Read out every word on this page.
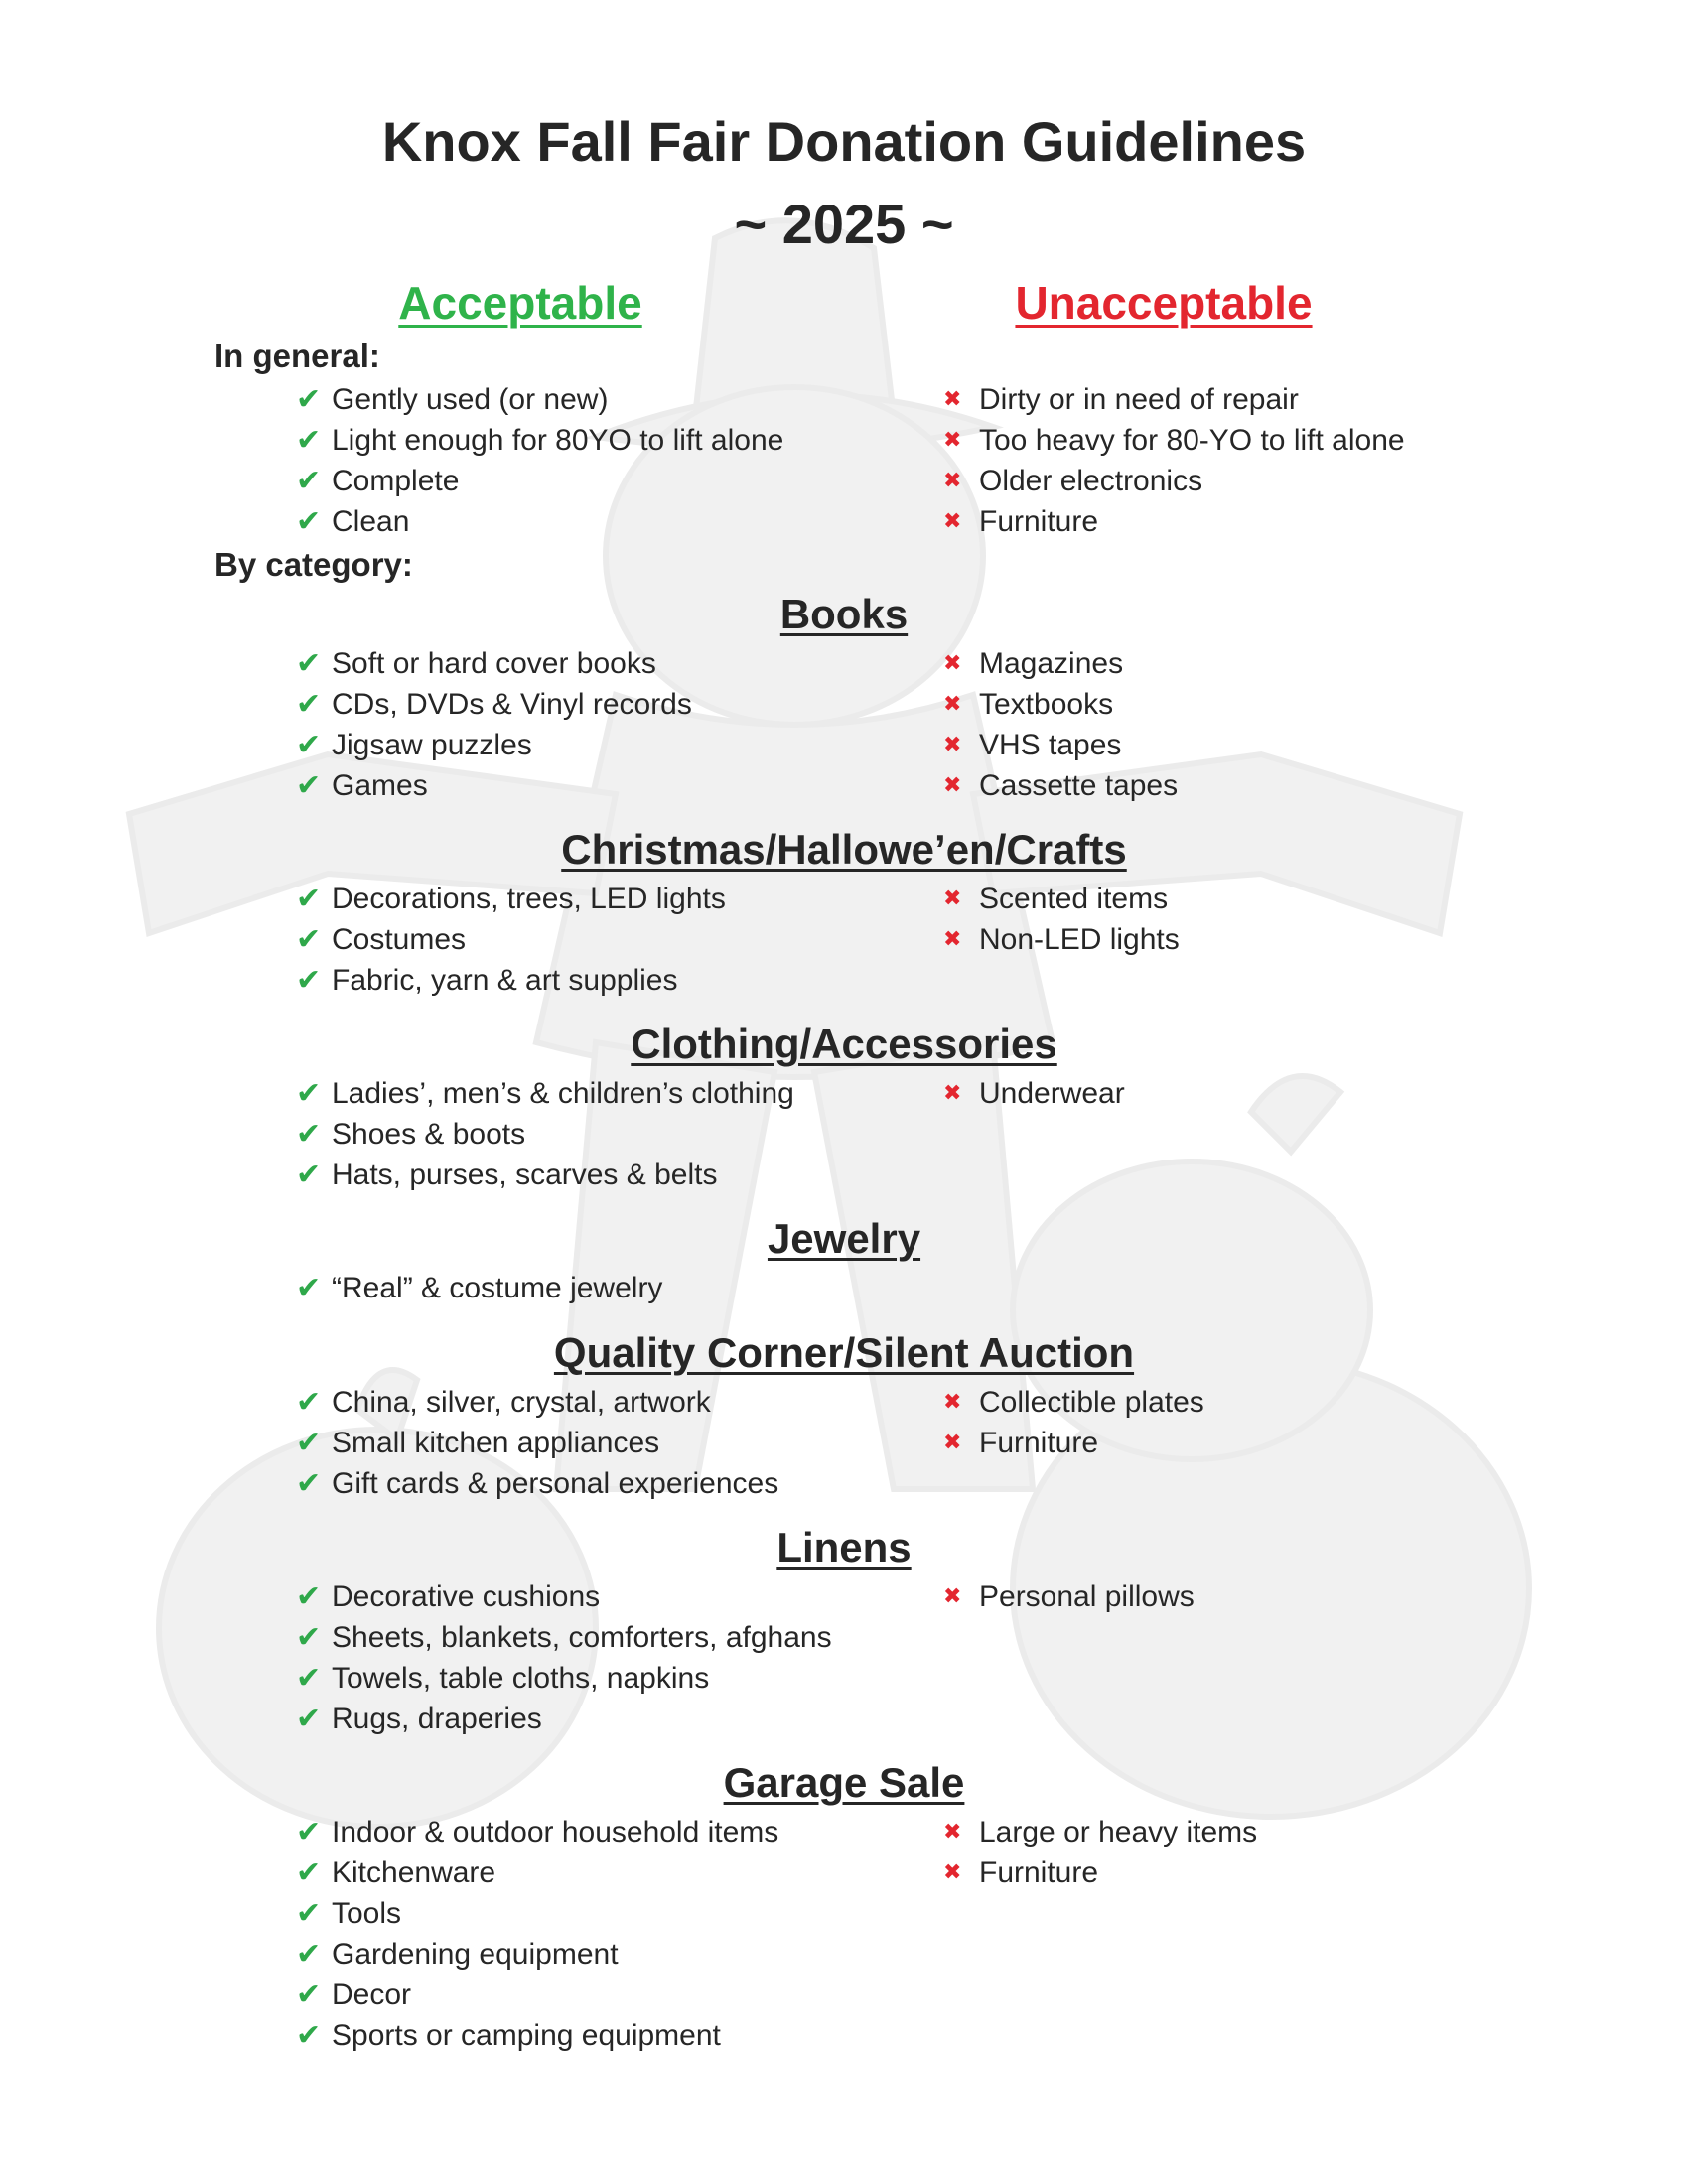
Knox Fall Fair Donation Guidelines
~ 2025 ~
Acceptable	Unacceptable
In general:
✔ Gently used (or new)
✔ Light enough for 80YO to lift alone
✔ Complete
✔ Clean
✖ Dirty or in need of repair
✖ Too heavy for 80-YO to lift alone
✖ Older electronics
✖ Furniture
By category:
Books
✔ Soft or hard cover books
✔ CDs, DVDs & Vinyl records
✔ Jigsaw puzzles
✔ Games
✖ Magazines
✖ Textbooks
✖ VHS tapes
✖ Cassette tapes
Christmas/Hallowe’en/Crafts
✔ Decorations, trees, LED lights
✔ Costumes
✔ Fabric, yarn & art supplies
✖ Scented items
✖ Non-LED lights
Clothing/Accessories
✔ Ladies’, men’s & children’s clothing
✔ Shoes & boots
✔ Hats, purses, scarves & belts
✖ Underwear
Jewelry
✔ “Real” & costume jewelry
Quality Corner/Silent Auction
✔ China, silver, crystal, artwork
✔ Small kitchen appliances
✔ Gift cards & personal experiences
✖ Collectible plates
✖ Furniture
Linens
✔ Decorative cushions
✔ Sheets, blankets, comforters, afghans
✔ Towels, table cloths, napkins
✔ Rugs, draperies
✖ Personal pillows
Garage Sale
✔ Indoor & outdoor household items
✔ Kitchenware
✔ Tools
✔ Gardening equipment
✔ Decor
✔ Sports or camping equipment
✖ Large or heavy items
✖ Furniture
